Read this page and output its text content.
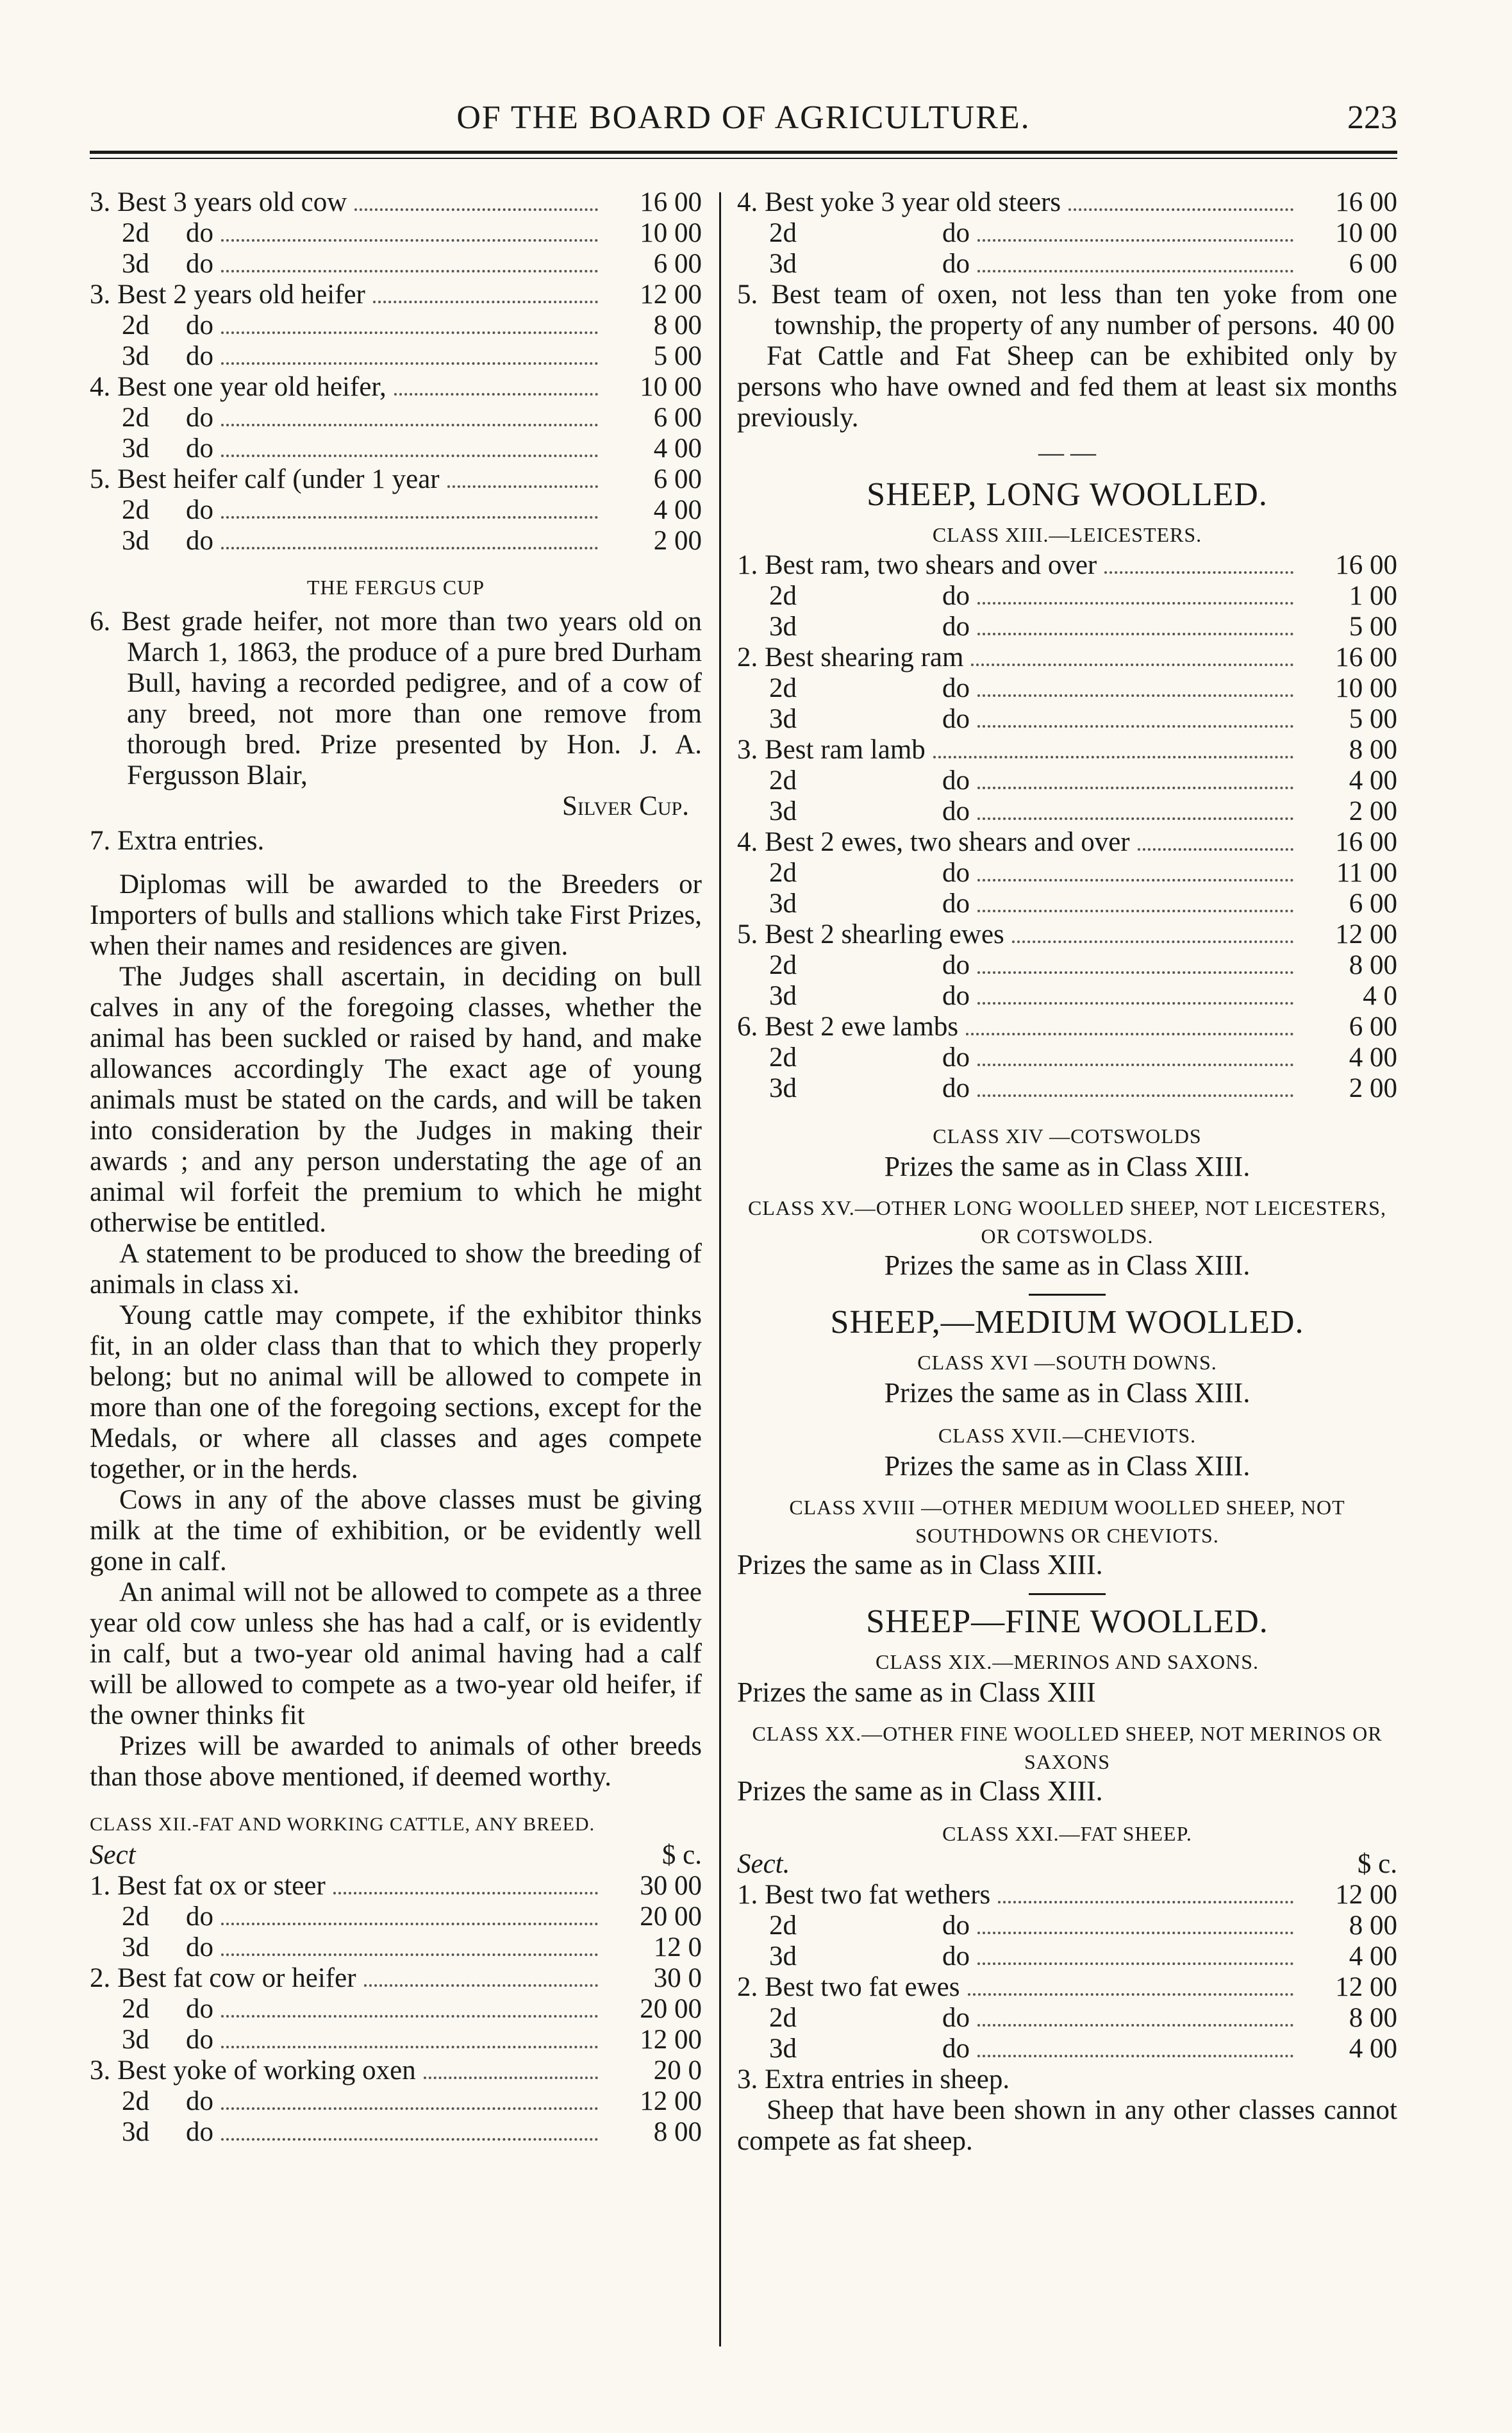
OF THE BOARD OF AGRICULTURE.	223
3. Best 3 years old cow	16 00
2d do	10 00
3d do	6 00
3. Best 2 years old heifer	12 00
2d do	8 00
3d do	5 00
4. Best one year old heifer,	10 00
2d do	6 00
3d do	4 00
5. Best heifer calf (under 1 year	6 00
2d do	4 00
3d do	2 00
THE FERGUS CUP

6. Best grade heifer, not more than two years old on March 1, 1863, the produce of a pure bred Durham Bull, having a recorded pedigree, and of a cow of any breed, not more than one remove from thorough bred. Prize presented by Hon. J. A. Fergusson Blair,

Silver Cup.
7. Extra entries.

Diplomas will be awarded to the Breeders or Importers of bulls and stallions which take First Prizes, when their names and residences are given.

The Judges shall ascertain, in deciding on bull calves in any of the foregoing classes, whether the animal has been suckled or raised by hand, and make allowances accordingly The exact age of young animals must be stated on the cards, and will be taken into consideration by the Judges in making their awards ; and any person understating the age of an animal wil forfeit the premium to which he might otherwise be entitled.

A statement to be produced to show the breeding of animals in class xi.

Young cattle may compete, if the exhibitor thinks fit, in an older class than that to which they properly belong; but no animal will be allowed to compete in more than one of the foregoing sections, except for the Medals, or where all classes and ages compete together, or in the herds.

Cows in any of the above classes must be giving milk at the time of exhibition, or be evidently well gone in calf.

An animal will not be allowed to compete as a three year old cow unless she has had a calf, or is evidently in calf, but a two-year old animal having had a calf will be allowed to compete as a two-year old heifer, if the owner thinks fit

Prizes will be awarded to animals of other breeds than those above mentioned, if deemed worthy.

CLASS XII.-FAT AND WORKING CATTLE, ANY BREED.
Sect	$ c.
1. Best fat ox or steer	30 00
2d do	20 00
3d do	12 0
2. Best fat cow or heifer	30 0
2d do	20 00
3d do	12 00
3. Best yoke of working oxen	20 0
2d do	12 00
3d do	8 00
4. Best yoke 3 year old steers	16 00
2d	do	10 00
3d	do	6 00

5. Best team of oxen, not less than ten yoke from one township, the property of any number of persons. 40 00

Fat Cattle and Fat Sheep can be exhibited only by persons who have owned and fed them at least six months previously.

— —
SHEEP, LONG WOOLLED.
CLASS XIII.—LEICESTERS.
1. Best ram, two shears and over	16 00
2d	do	1 00
3d	do	5 00
2. Best shearing ram	16 00
2d	do	10 00
3d	do	5 00
3. Best ram lamb	8 00
2d	do	4 00
3d	do	2 00
4. Best 2 ewes, two shears and over	16 00
2d	do	11 00
3d	do	6 00
5. Best 2 shearling ewes	12 00
2d	do	8 00
3d	do	4 0
6. Best 2 ewe lambs	6 00
2d	do	4 00
3d	do	2 00
CLASS XIV —COTSWOLDS
Prizes the same as in Class XIII.
CLASS XV.—OTHER LONG WOOLLED SHEEP, NOT LEICESTERS, OR COTSWOLDS.
Prizes the same as in Class XIII.
SHEEP,—MEDIUM WOOLLED.
CLASS XVI —SOUTH DOWNS.
Prizes the same as in Class XIII.
CLASS XVII.—CHEVIOTS.
Prizes the same as in Class XIII.
CLASS XVIII —OTHER MEDIUM WOOLLED SHEEP, NOT SOUTHDOWNS OR CHEVIOTS.
Prizes the same as in Class XIII.
SHEEP—FINE WOOLLED.
CLASS XIX.—MERINOS AND SAXONS.
Prizes the same as in Class XIII
CLASS XX.—OTHER FINE WOOLLED SHEEP, NOT MERINOS OR SAXONS
Prizes the same as in Class XIII.
CLASS XXI.—FAT SHEEP.
Sect.	$ c.
1. Best two fat wethers	12 00
2d	do	8 00
3d	do	4 00
2. Best two fat ewes	12 00
2d	do	8 00
3d	do	4 00
3. Extra entries in sheep.

Sheep that have been shown in any other classes cannot compete as fat sheep.
